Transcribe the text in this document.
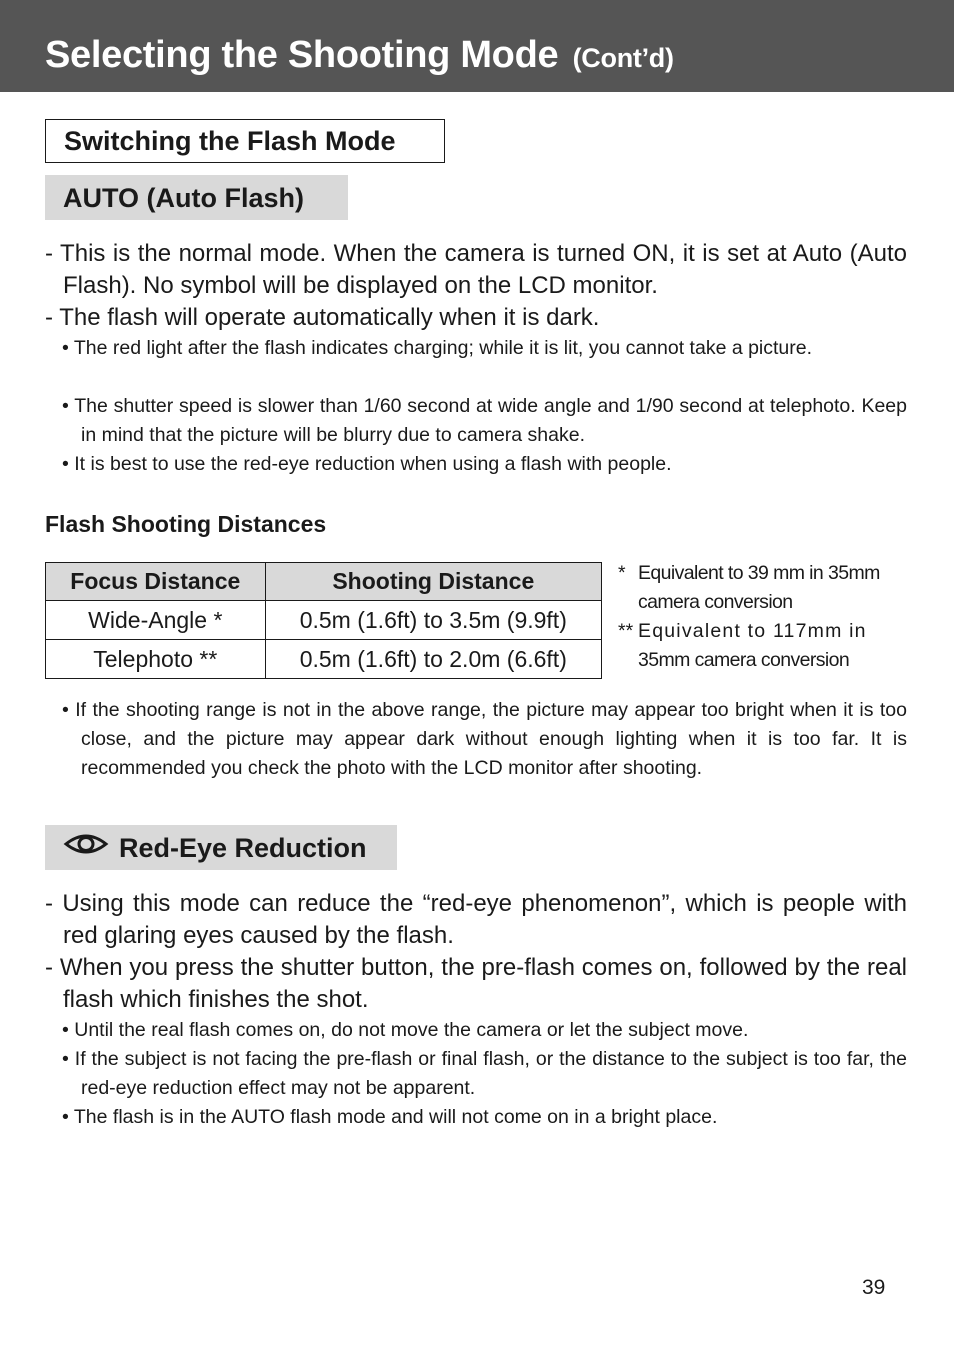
Selecting the Shooting Mode (Cont’d)
Switching the Flash Mode
AUTO (Auto Flash)
- This is the normal mode. When the camera is turned ON, it is set at Auto (Auto Flash). No symbol will be displayed on the LCD monitor.
- The flash will operate automatically when it is dark.
• The red light after the flash indicates charging; while it is lit, you cannot take a picture.
• The shutter speed is slower than 1/60 second at wide angle and 1/90 second at telephoto. Keep in mind that the picture will be blurry due to camera shake.
• It is best to use the red-eye reduction when using a flash with people.
Flash Shooting Distances
Focus Distance	Shooting Distance
Wide-Angle *	0.5m (1.6ft) to 3.5m (9.9ft)
Telephoto **	0.5m (1.6ft) to 2.0m (6.6ft)
* Equivalent to 39 mm in 35mm
camera conversion
** Equivalent to 117mm in
35mm camera conversion
• If the shooting range is not in the above range, the picture may appear too bright when it is too close, and the picture may appear dark without enough lighting when it is too far. It is recommended you check the photo with the LCD monitor after shooting.
Red-Eye Reduction
- Using this mode can reduce the “red-eye phenomenon”, which is people with red glaring eyes caused by the flash.
- When you press the shutter button, the pre-flash comes on, followed by the real flash which finishes the shot.
• Until the real flash comes on, do not move the camera or let the subject move.
• If the subject is not facing the pre-flash or final flash, or the distance to the subject is too far, the red-eye reduction effect may not be apparent.
• The flash is in the AUTO flash mode and will not come on in a bright place.
39
